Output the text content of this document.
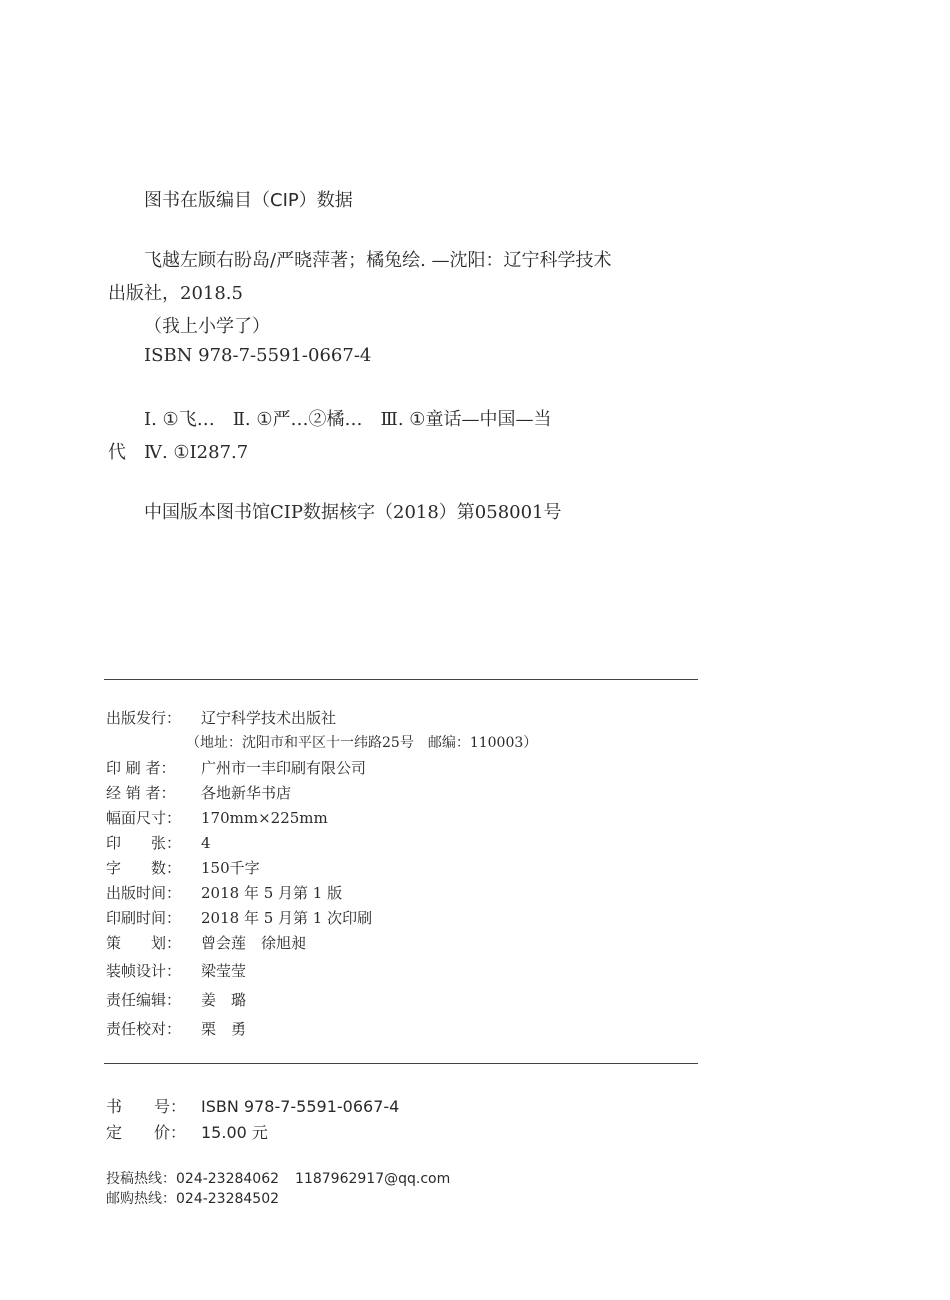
图书在版编目（CIP）数据
飞越左顾右盼岛/严晓萍著；橘兔绘. —沈阳：辽宁科学技术
出版社，2018.5
（我上小学了）
ISBN 978-7-5591-0667-4
Ⅰ. ①飞…　Ⅱ. ①严…②橘…　Ⅲ. ①童话—中国—当
代　Ⅳ. ①I287.7
中国版本图书馆CIP数据核字（2018）第058001号
出版发行： 辽宁科学技术出版社
（地址：沈阳市和平区十一纬路25号　邮编：110003）
印 刷 者： 广州市一丰印刷有限公司
经 销 者： 各地新华书店
幅面尺寸： 170mm×225mm
印　　张： 4
字　　数： 150千字
出版时间： 2018 年 5 月第 1 版
印刷时间： 2018 年 5 月第 1 次印刷
策　　划： 曾会莲　徐旭昶
装帧设计： 梁莹莹
责任编辑： 姜　璐
责任校对： 栗　勇
书　　号： ISBN 978-7-5591-0667-4
定　　价： 15.00 元
投稿热线：024-23284062 1187962917@qq.com
邮购热线：024-23284502
